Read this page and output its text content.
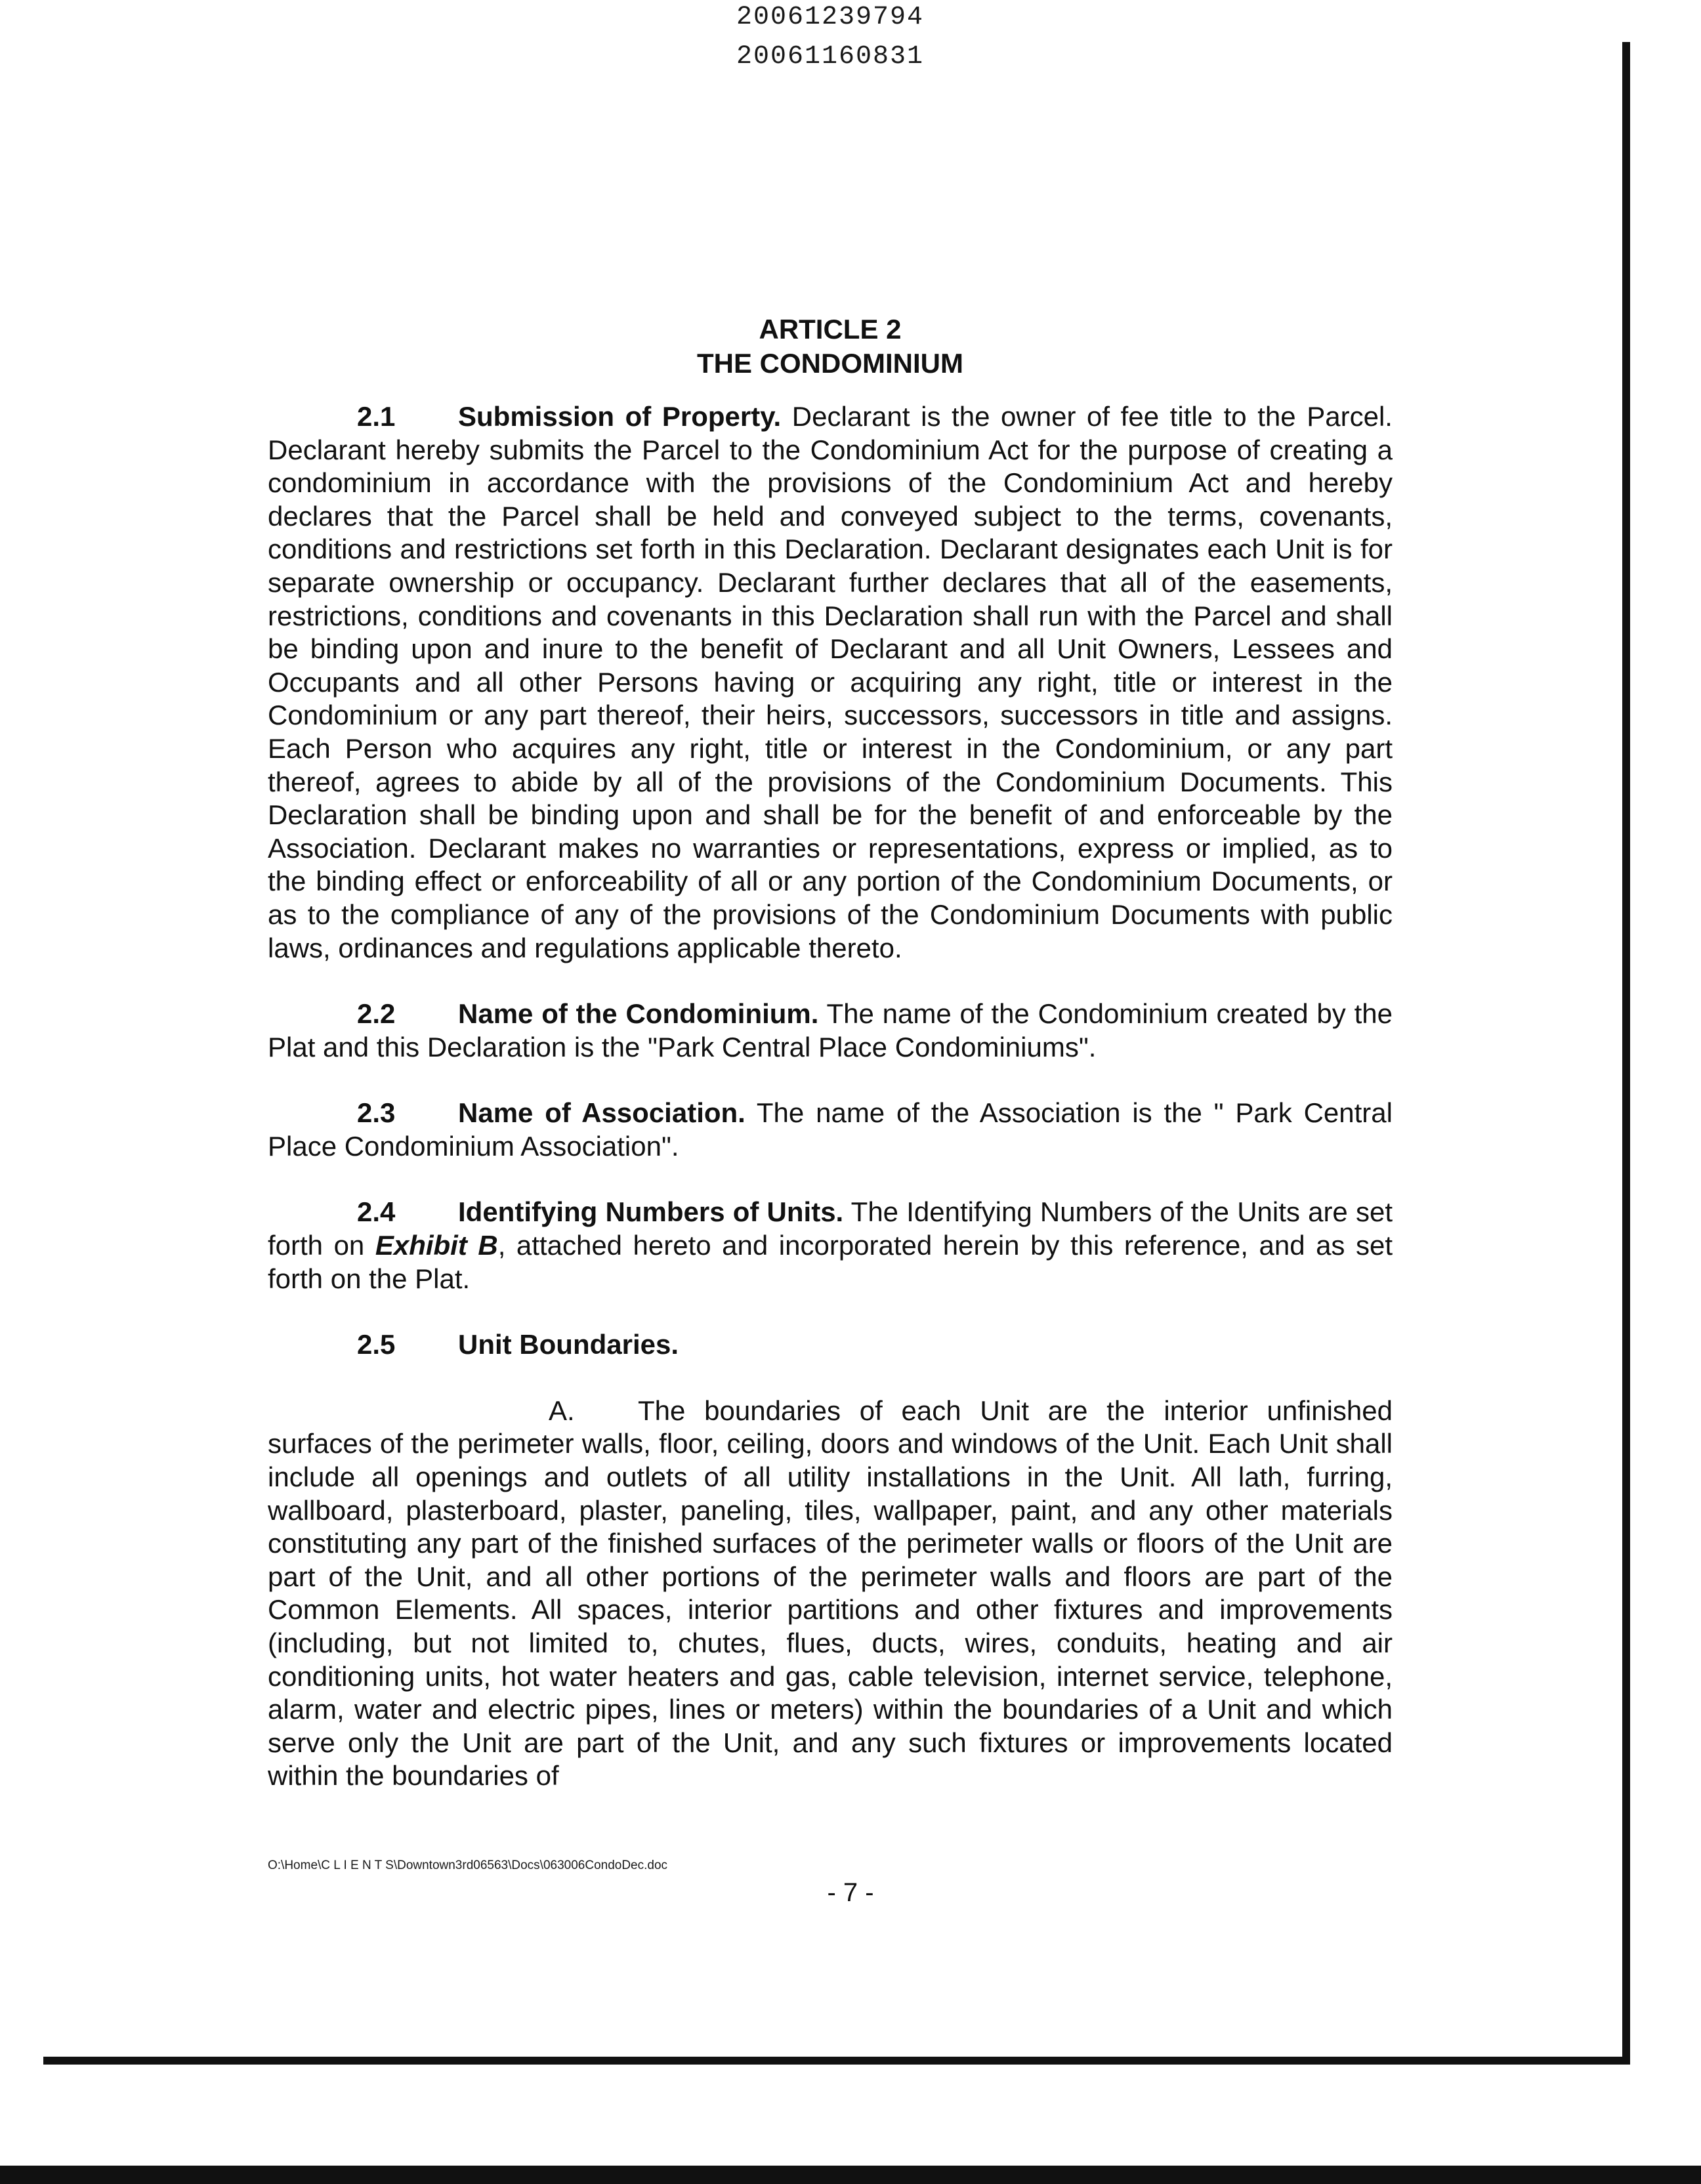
20061239794
20061160831
ARTICLE 2
THE CONDOMINIUM

2.1 Submission of Property. Declarant is the owner of fee title to the Parcel. Declarant hereby submits the Parcel to the Condominium Act for the purpose of creating a condominium in accordance with the provisions of the Condominium Act and hereby declares that the Parcel shall be held and conveyed subject to the terms, covenants, conditions and restrictions set forth in this Declaration. Declarant designates each Unit is for separate ownership or occupancy. Declarant further declares that all of the easements, restrictions, conditions and covenants in this Declaration shall run with the Parcel and shall be binding upon and inure to the benefit of Declarant and all Unit Owners, Lessees and Occupants and all other Persons having or acquiring any right, title or interest in the Condominium or any part thereof, their heirs, successors, successors in title and assigns. Each Person who acquires any right, title or interest in the Condominium, or any part thereof, agrees to abide by all of the provisions of the Condominium Documents. This Declaration shall be binding upon and shall be for the benefit of and enforceable by the Association. Declarant makes no warranties or representations, express or implied, as to the binding effect or enforceability of all or any portion of the Condominium Documents, or as to the compliance of any of the provisions of the Condominium Documents with public laws, ordinances and regulations applicable thereto.

2.2 Name of the Condominium. The name of the Condominium created by the Plat and this Declaration is the "Park Central Place Condominiums".

2.3 Name of Association. The name of the Association is the " Park Central Place Condominium Association".

2.4 Identifying Numbers of Units. The Identifying Numbers of the Units are set forth on Exhibit B, attached hereto and incorporated herein by this reference, and as set forth on the Plat.

2.5 Unit Boundaries.

A. The boundaries of each Unit are the interior unfinished surfaces of the perimeter walls, floor, ceiling, doors and windows of the Unit. Each Unit shall include all openings and outlets of all utility installations in the Unit. All lath, furring, wallboard, plasterboard, plaster, paneling, tiles, wallpaper, paint, and any other materials constituting any part of the finished surfaces of the perimeter walls or floors of the Unit are part of the Unit, and all other portions of the perimeter walls and floors are part of the Common Elements. All spaces, interior partitions and other fixtures and improvements (including, but not limited to, chutes, flues, ducts, wires, conduits, heating and air conditioning units, hot water heaters and gas, cable television, internet service, telephone, alarm, water and electric pipes, lines or meters) within the boundaries of a Unit and which serve only the Unit are part of the Unit, and any such fixtures or improvements located within the boundaries of

O:\Home\C L I E N T S\Downtown3rd06563\Docs\063006CondoDec.doc
- 7 -
